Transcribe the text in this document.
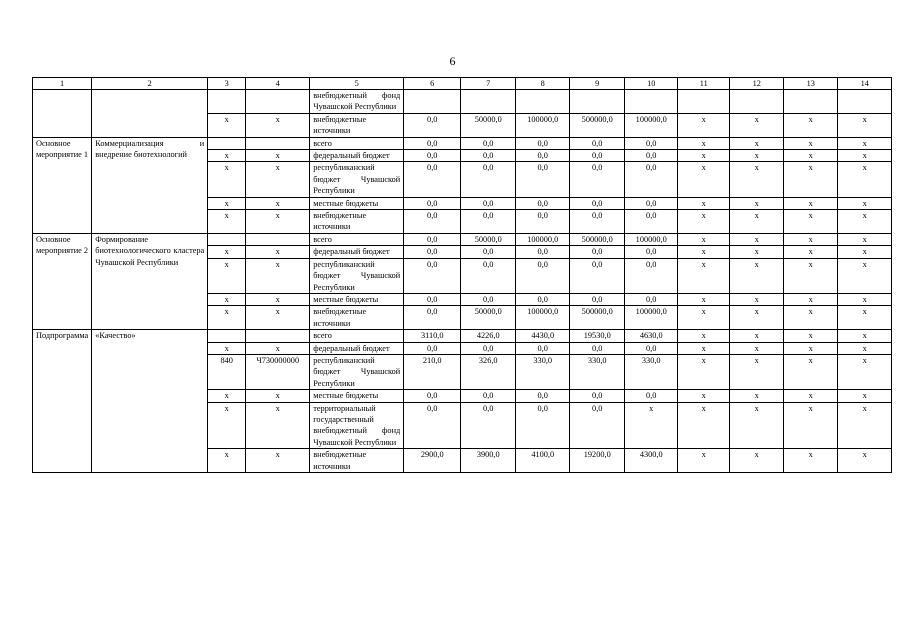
6
1	2	3	4	5	6	7	8	9	10	11	12	13	14
				внебюджетный фонд Чувашской Республики									
		х	х	внебюджетные источники	0,0	50000,0	100000,0	500000,0	100000,0	х	х	х	х
Основное мероприятие 1	Коммерциализация и внедрение биотехнологий			всего	0,0	0,0	0,0	0,0	0,0	х	х	х	х
		х	х	федеральный бюджет	0,0	0,0	0,0	0,0	0,0	х	х	х	х
		х	х	республиканский бюджет Чувашской Республики	0,0	0,0	0,0	0,0	0,0	х	х	х	х
		х	х	местные бюджеты	0,0	0,0	0,0	0,0	0,0	х	х	х	х
		х	х	внебюджетные источники	0,0	0,0	0,0	0,0	0,0	х	х	х	х
Основное мероприятие 2	Формирование биотехнологического кластера Чувашской Республики			всего	0,0	50000,0	100000,0	500000,0	100000,0	х	х	х	х
		х	х	федеральный бюджет	0,0	0,0	0,0	0,0	0,0	х	х	х	х
		х	х	республиканский бюджет Чувашской Республики	0,0	0,0	0,0	0,0	0,0	х	х	х	х
		х	х	местные бюджеты	0,0	0,0	0,0	0,0	0,0	х	х	х	х
		х	х	внебюджетные источники	0,0	50000,0	100000,0	500000,0	100000,0	х	х	х	х
Подпрограмма	«Качество»			всего	3110,0	4226,0	4430,0	19530,0	4630,0	х	х	х	х
		х	х	федеральный бюджет	0,0	0,0	0,0	0,0	0,0	х	х	х	х
		840	Ч730000000	республиканский бюджет Чувашской Республики	210,0	326,0	330,0	330,0	330,0	х	х	х	х
		х	х	местные бюджеты	0,0	0,0	0,0	0,0	0,0	х	х	х	х
		х	х	территориальный государственный внебюджетный фонд Чувашской Республики	0,0	0,0	0,0	0,0	х	х	х	х	х
		х	х	внебюджетные источники	2900,0	3900,0	4100,0	19200,0	4300,0	х	х	х	х
